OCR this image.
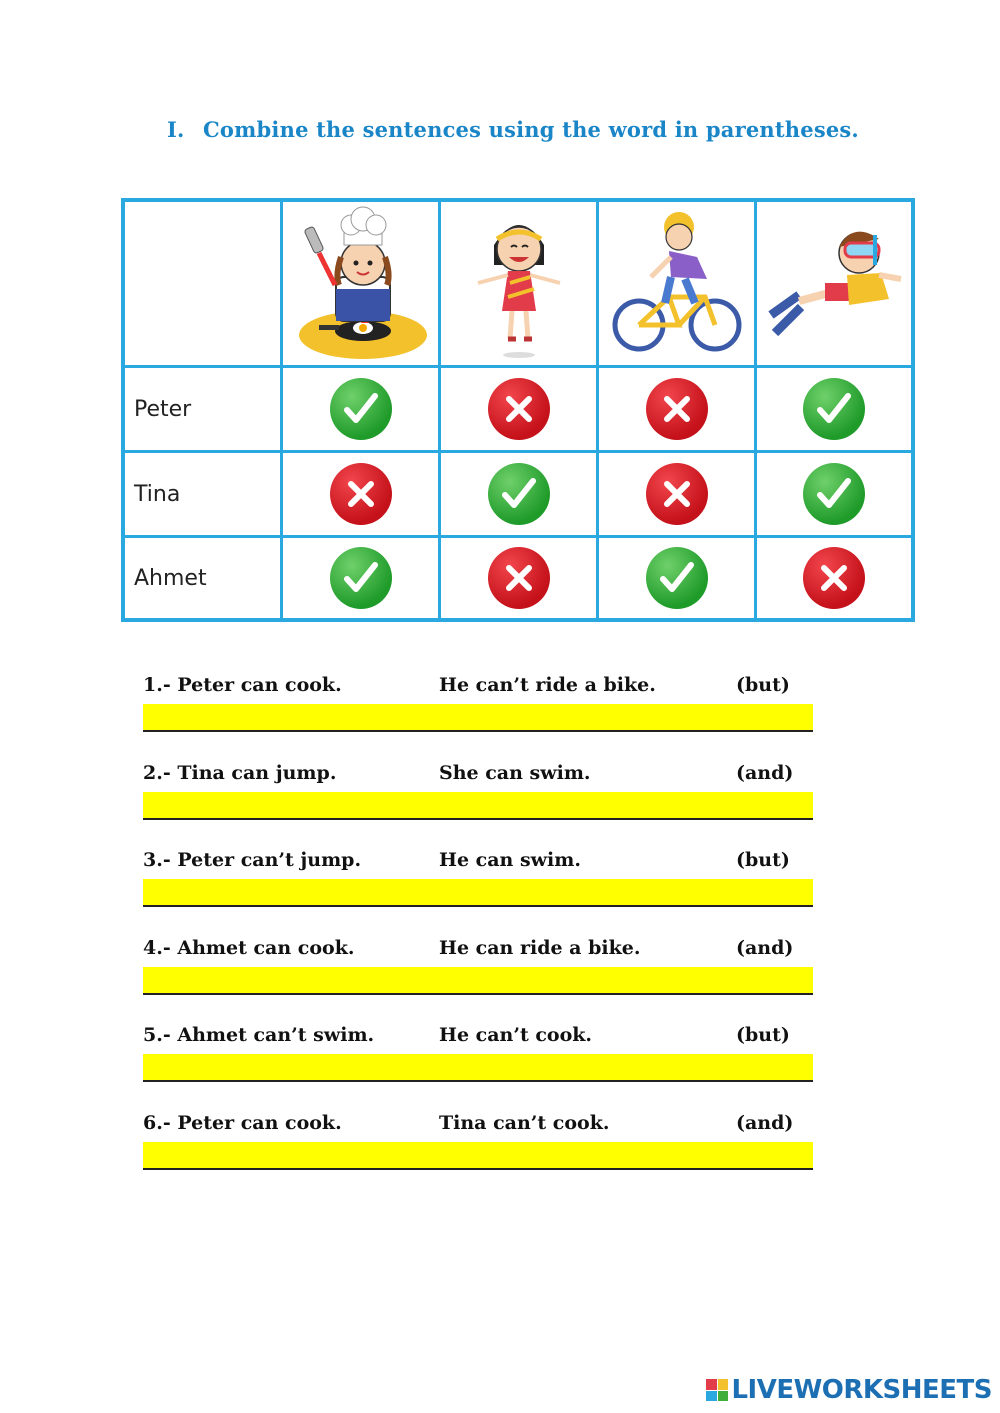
I. Combine the sentences using the word in parentheses.
Peter
Tina
Ahmet
1.- Peter can cook.	He can’t ride a bike.	(but)
2.- Tina can jump.	She can swim.	(and)
3.- Peter can’t jump.	He can swim.	(but)
4.- Ahmet can cook.	He can ride a bike.	(and)
5.- Ahmet can’t swim.	He can’t cook.	(but)
6.- Peter can cook.	Tina can’t cook.	(and)
LIVEWORKSHEETS
